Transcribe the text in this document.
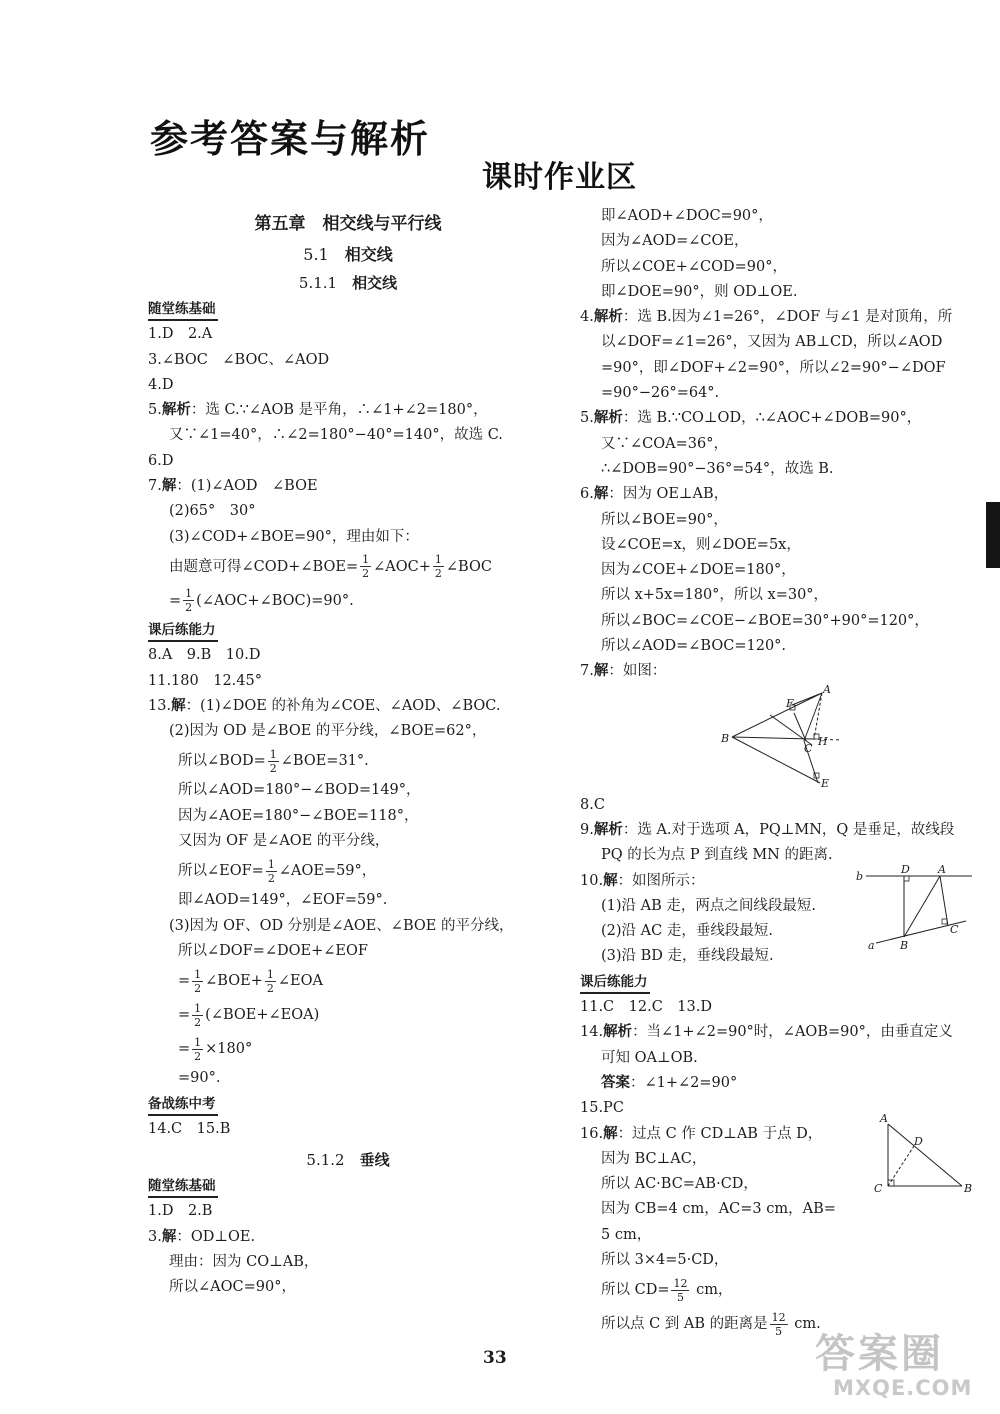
参考答案与解析
课时作业区
第五章　相交线与平行线
5.1　相交线
5.1.1　相交线
随堂练基础
1.D　2.A
3.∠BOC　∠BOC、∠AOD
4.D
5.解析：选 C.∵∠AOB 是平角，∴∠1+∠2=180°，
又∵∠1=40°，∴∠2=180°−40°=140°，故选 C.
6.D
7.解：(1)∠AOD　∠BOE
(2)65°　30°
(3)∠COD+∠BOE=90°，理由如下：
由题意可得∠COD+∠BOE= $\frac{1}{2}$ ∠AOC+ $\frac{1}{2}$ ∠BOC
= $\frac{1}{2}$ (∠AOC+∠BOC)=90°.
课后练能力
8.A　9.B　10.D
11.180　12.45°
13.解：(1)∠DOE 的补角为∠COE、∠AOD、∠BOC.
(2)因为 OD 是∠BOE 的平分线，∠BOE=62°，
所以∠BOD= $\frac{1}{2}$ ∠BOE=31°.
所以∠AOD=180°−∠BOD=149°，
因为∠AOE=180°−∠BOE=118°，
又因为 OF 是∠AOE 的平分线，
所以∠EOF= $\frac{1}{2}$ ∠AOE=59°，
即∠AOD=149°，∠EOF=59°.
(3)因为 OF、OD 分别是∠AOE、∠BOE 的平分线，
所以∠DOF=∠DOE+∠EOF
= $\frac{1}{2}$ ∠BOE+ $\frac{1}{2}$ ∠EOA
= $\frac{1}{2}$ (∠BOE+∠EOA)
= $\frac{1}{2} \times 180^\circ$
=90°.
备战练中考
14.C　15.B
5.1.2　垂线
随堂练基础
1.D　2.B
3.解：OD⊥OE.
理由：因为 CO⊥AB，
所以∠AOC=90°，
即∠AOD+∠DOC=90°，
因为∠AOD=∠COE，
所以∠COE+∠COD=90°，
即∠DOE=90°，则 OD⊥OE.
4.解析：选 B.因为∠1=26°，∠DOF 与∠1 是对顶角，所
以∠DOF=∠1=26°，又因为 AB⊥CD，所以∠AOD
=90°，即∠DOF+∠2=90°，所以∠2=90°−∠DOF
=90°−26°=64°.
5.解析：选 B.∵CO⊥OD，∴∠AOC+∠DOB=90°，
又∵∠COA=36°，
∴∠DOB=90°−36°=54°，故选 B.
6.解：因为 OE⊥AB，
所以∠BOE=90°，
设∠COE=x，则∠DOE=5x，
因为∠COE+∠DOE=180°，
所以 x+5x=180°，所以 x=30°，
所以∠BOC=∠COE−∠BOE=30°+90°=120°，
所以∠AOD=∠BOC=120°.
7.解：如图：
A
B
C
E
F
H
8.C
9.解析：选 A.对于选项 A，PQ⊥MN，Q 是垂足，故线段
PQ 的长为点 P 到直线 MN 的距离.
10.解：如图所示：
(1)沿 AB 走，两点之间线段最短.
(2)沿 AC 走，垂线段最短.
(3)沿 BD 走，垂线段最短.
b
a
D	A
B
C
课后练能力
11.C　12.C　13.D
14.解析：当∠1+∠2=90°时，∠AOB=90°，由垂直定义
可知 OA⊥OB.
答案：∠1+∠2=90°
15.PC
16.解：过点 C 作 CD⊥AB 于点 D，
因为 BC⊥AC，
所以 AC·BC=AB·CD，
因为 CB=4 cm，AC=3 cm，AB=
5 cm，
所以 3×4=5·CD，
所以 $CD= \frac{12}{5}$ cm，
所以点 C 到 AB 的距离是 $\frac{12}{5}$ cm.
A
D
C	B
33	答案圈
MXQE.COM
